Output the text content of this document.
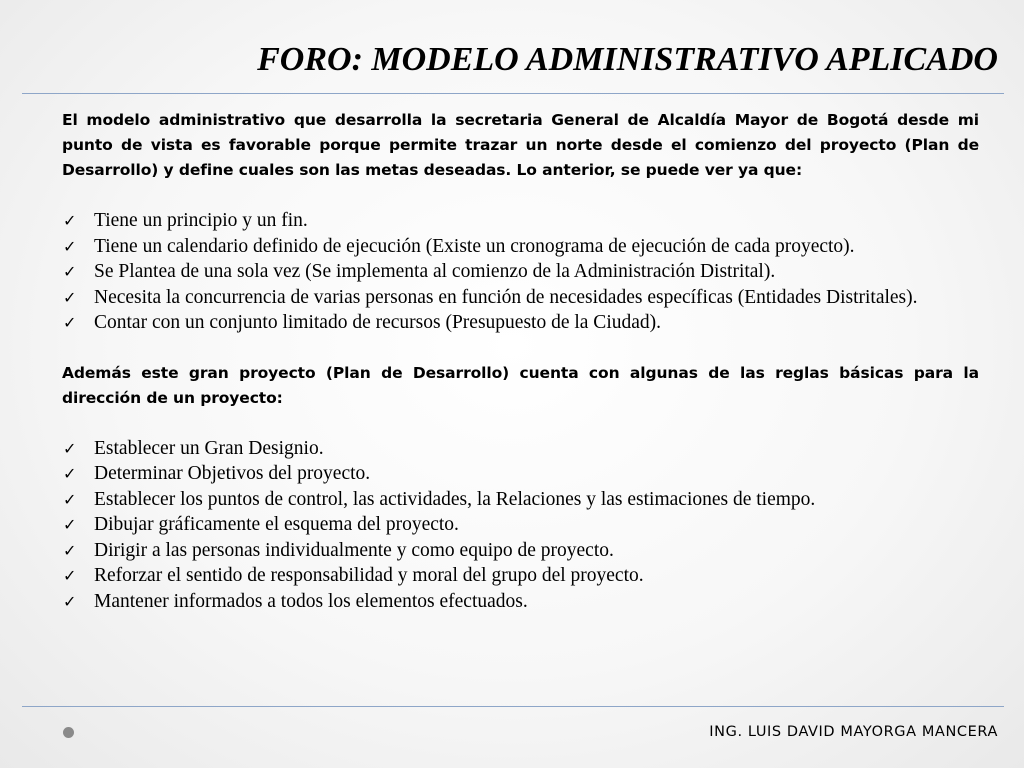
FORO: MODELO ADMINISTRATIVO APLICADO

El modelo administrativo que desarrolla la secretaria General de Alcaldía Mayor de Bogotá desde mi punto de vista es favorable porque permite trazar un norte desde el comienzo del proyecto (Plan de Desarrollo) y define cuales son las metas deseadas. Lo anterior, se puede ver ya que:

✓ Tiene un principio y un fin.
✓ Tiene un calendario definido de ejecución (Existe un cronograma de ejecución de cada proyecto).
✓ Se Plantea de una sola vez (Se implementa al comienzo de la Administración Distrital).
✓ Necesita la concurrencia de varias personas en función de necesidades específicas (Entidades Distritales).
✓ Contar con un conjunto limitado de recursos (Presupuesto de la Ciudad).

Además este gran proyecto (Plan de Desarrollo) cuenta con algunas de las reglas básicas para la dirección de un proyecto:

✓ Establecer un Gran Designio.
✓ Determinar Objetivos del proyecto.
✓ Establecer los puntos de control, las actividades, la Relaciones y las estimaciones de tiempo.
✓ Dibujar gráficamente el esquema del proyecto.
✓ Dirigir a las personas individualmente y como equipo de proyecto.
✓ Reforzar el sentido de responsabilidad y moral del grupo del proyecto.
✓ Mantener informados a todos los elementos efectuados.
ING. LUIS DAVID MAYORGA MANCERA
